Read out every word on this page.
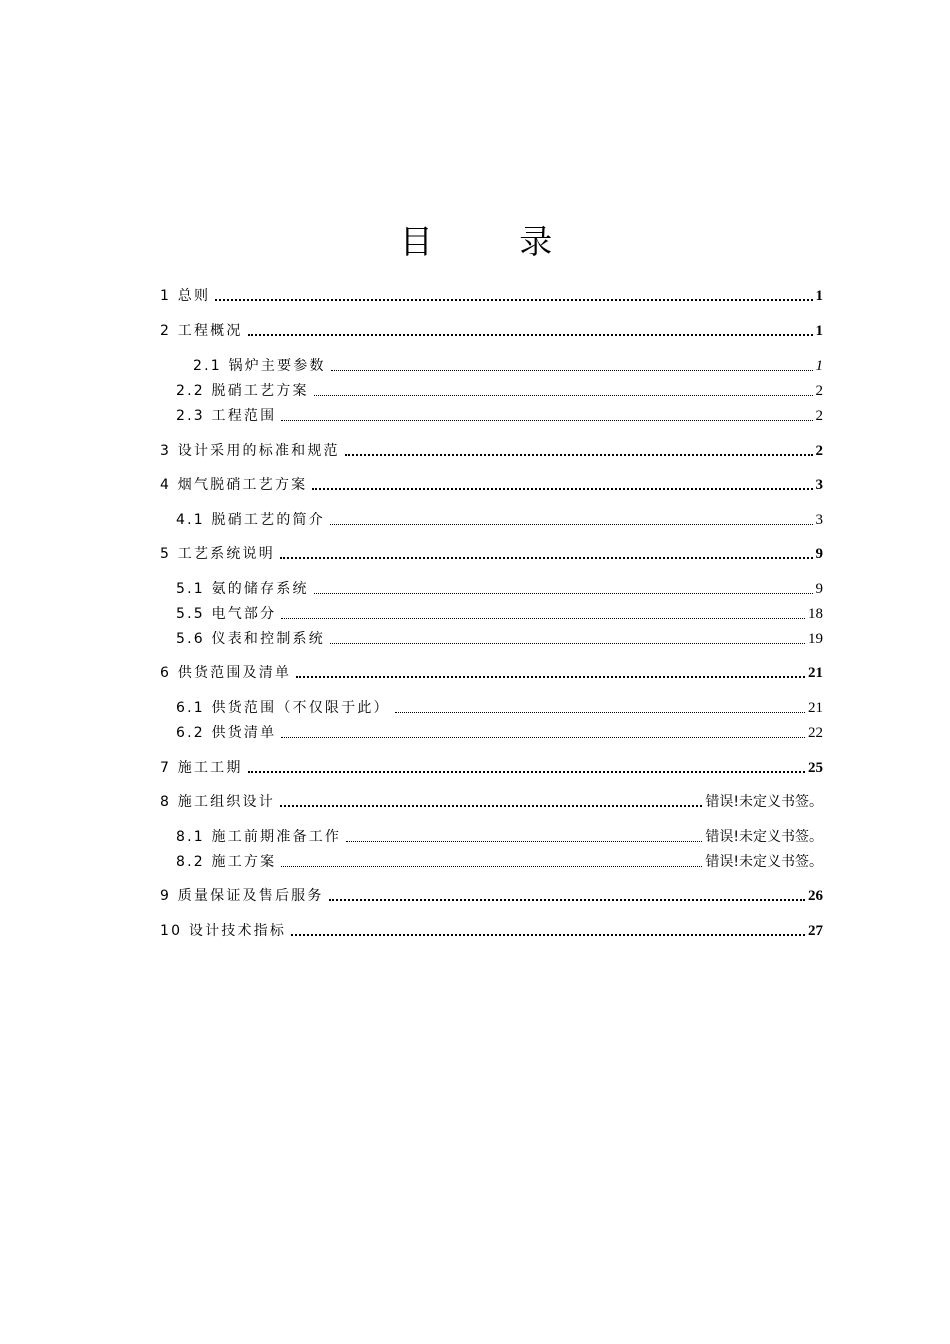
目 录
1 总则	1
2 工程概况	1
2.1 锅炉主要参数	1
2.2 脱硝工艺方案	2
2.3 工程范围	2
3 设计采用的标准和规范	2
4 烟气脱硝工艺方案	3
4.1 脱硝工艺的简介	3
5 工艺系统说明	9
5.1 氨的储存系统	9
5.5 电气部分	18
5.6 仪表和控制系统	19
6 供货范围及清单	21
6.1 供货范围（不仅限于此）	21
6.2 供货清单	22
7 施工工期	25
8 施工组织设计	错误!未定义书签。
8.1 施工前期准备工作	错误!未定义书签。
8.2 施工方案	错误!未定义书签。
9 质量保证及售后服务	26
10 设计技术指标	27
